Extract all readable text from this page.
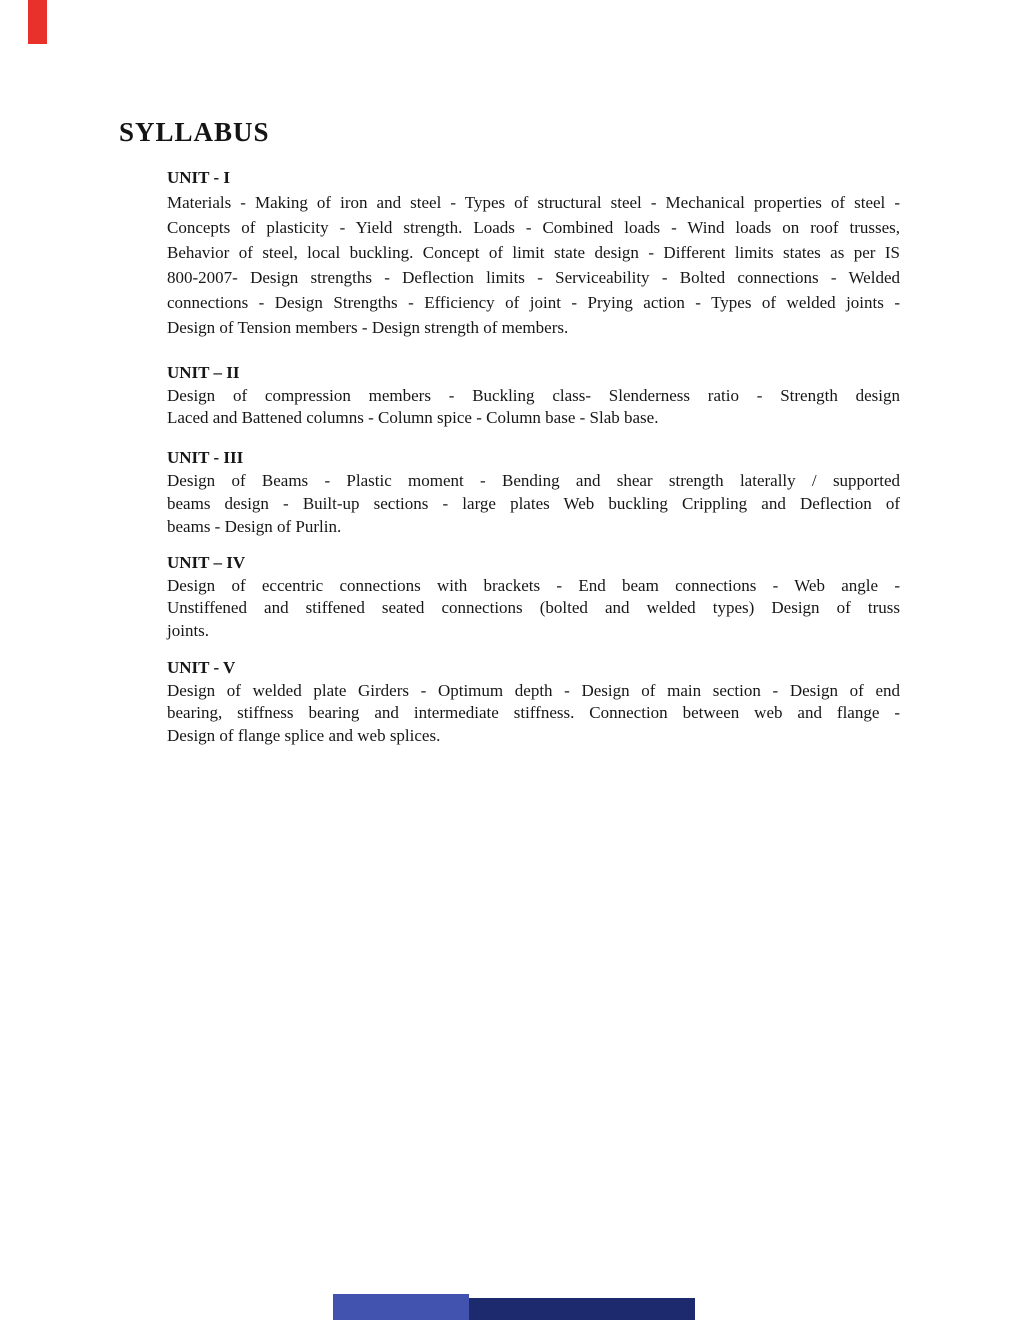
SYLLABUS
UNIT - I
Materials - Making of iron and steel - Types of structural steel - Mechanical properties of steel -
Concepts of plasticity - Yield strength. Loads - Combined loads - Wind loads on roof trusses,
Behavior of steel, local buckling. Concept of limit state design - Different limits states as per IS
800-2007- Design strengths - Deflection limits - Serviceability - Bolted connections - Welded
connections - Design Strengths - Efficiency of joint - Prying action - Types of welded joints -
Design of Tension members - Design strength of members.
UNIT – II
Design of compression members - Buckling class- Slenderness ratio - Strength design
Laced and Battened columns - Column spice - Column base - Slab base.
UNIT - III
Design of Beams - Plastic moment - Bending and shear strength laterally / supported
beams design - Built-up sections - large plates Web buckling Crippling and Deflection of
beams - Design of Purlin.
UNIT – IV
Design of eccentric connections with brackets - End beam connections - Web angle -
Unstiffened and stiffened seated connections (bolted and welded types) Design of truss
joints.
UNIT - V
Design of welded plate Girders - Optimum depth - Design of main section - Design of end
bearing, stiffness bearing and intermediate stiffness. Connection between web and flange -
Design of flange splice and web splices.
